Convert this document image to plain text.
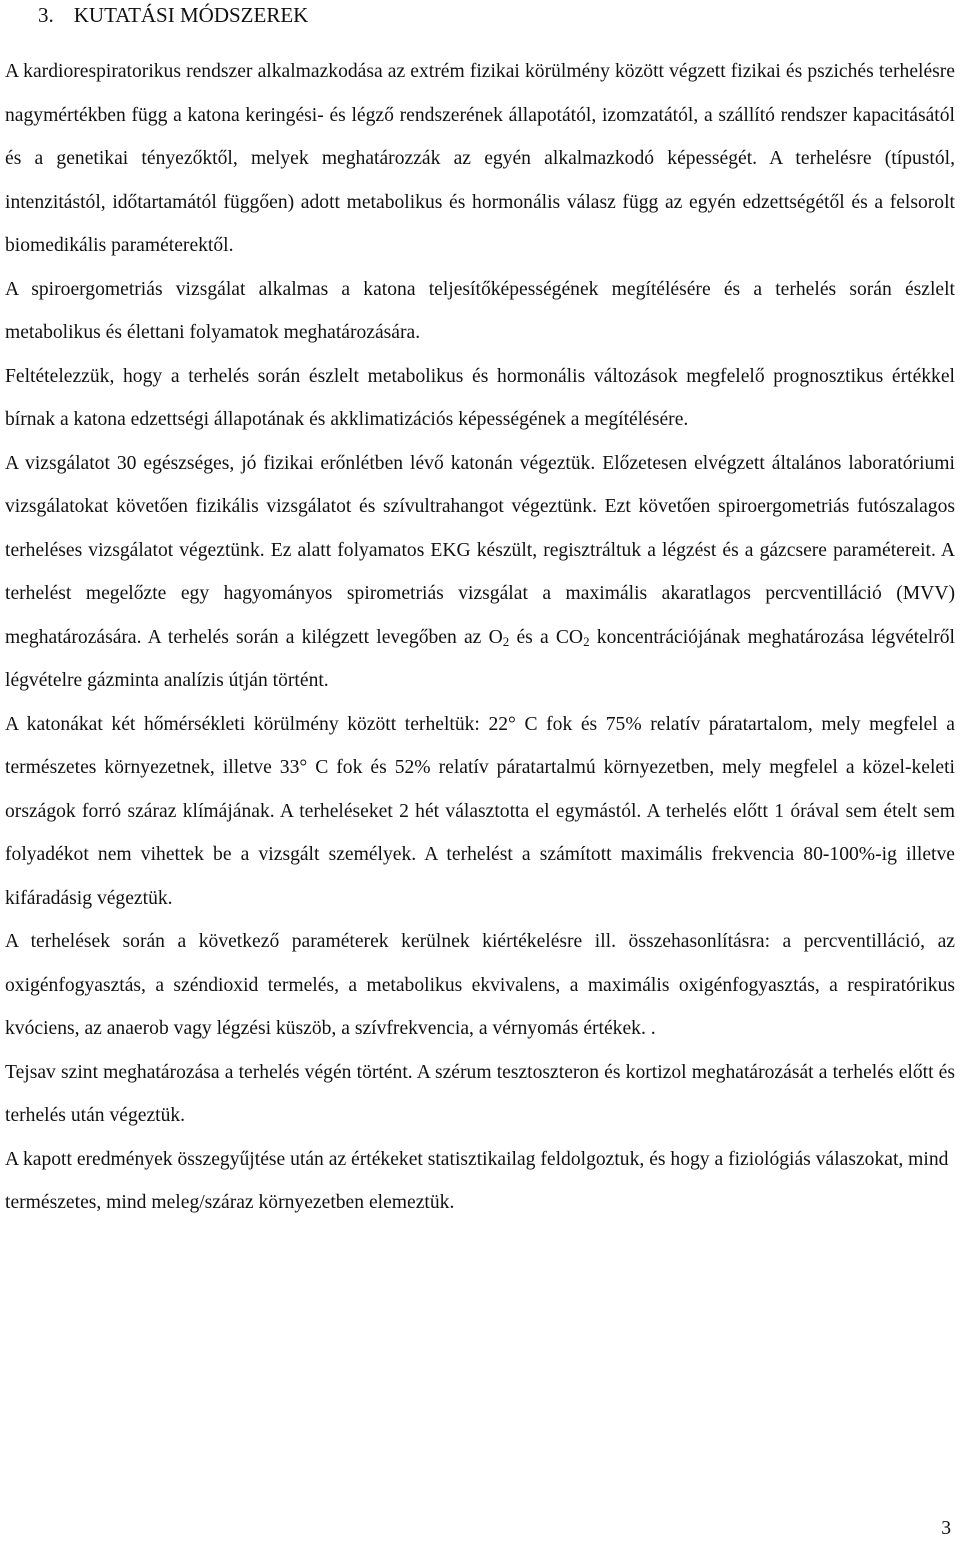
3. KUTATÁSI MÓDSZEREK

A kardiorespiratorikus rendszer alkalmazkodása az extrém fizikai körülmény között végzett fizikai és pszichés terhelésre nagymértékben függ a katona keringési- és légző rendszerének állapotától, izomzatától, a szállító rendszer kapacitásától és a genetikai tényezőktől, melyek meghatározzák az egyén alkalmazkodó képességét. A terhelésre (típustól, intenzitástól, időtartamától függően) adott metabolikus és hormonális válasz függ az egyén edzettségétől és a felsorolt biomedikális paraméterektől.

A spiroergometriás vizsgálat alkalmas a katona teljesítőképességének megítélésére és a terhelés során észlelt metabolikus és élettani folyamatok meghatározására.

Feltételezzük, hogy a terhelés során észlelt metabolikus és hormonális változások megfelelő prognosztikus értékkel bírnak a katona edzettségi állapotának és akklimatizációs képességének a megítélésére.

A vizsgálatot 30 egészséges, jó fizikai erőnlétben lévő katonán végeztük. Előzetesen elvégzett általános laboratóriumi vizsgálatokat követően fizikális vizsgálatot és szívultrahangot végeztünk. Ezt követően spiroergometriás futószalagos terheléses vizsgálatot végeztünk. Ez alatt folyamatos EKG készült, regisztráltuk a légzést és a gázcsere paramétereit. A terhelést megelőzte egy hagyományos spirometriás vizsgálat a maximális akaratlagos percventilláció (MVV) meghatározására. A terhelés során a kilégzett levegőben az $O_2$ és a $CO_2$ koncentrációjának meghatározása légvételről légvételre gázminta analízis útján történt.

A katonákat két hőmérsékleti körülmény között terheltük: 22° C fok és 75% relatív páratartalom, mely megfelel a természetes környezetnek, illetve 33° C fok és 52% relatív páratartalmú környezetben, mely megfelel a közel-keleti országok forró száraz klímájának. A terheléseket 2 hét választotta el egymástól. A terhelés előtt 1 órával sem ételt sem folyadékot nem vihettek be a vizsgált személyek. A terhelést a számított maximális frekvencia 80-100%-ig illetve kifáradásig végeztük.

A terhelések során a következő paraméterek kerülnek kiértékelésre ill. összehasonlításra: a percventilláció, az oxigénfogyasztás, a széndioxid termelés, a metabolikus ekvivalens, a maximális oxigénfogyasztás, a respiratórikus kvóciens, az anaerob vagy légzési küszöb, a szívfrekvencia, a vérnyomás értékek. .

Tejsav szint meghatározása a terhelés végén történt. A szérum tesztoszteron és kortizol meghatározását a terhelés előtt és terhelés után végeztük.

A kapott eredmények összegyűjtése után az értékeket statisztikailag feldolgoztuk, és hogy a fiziológiás válaszokat, mind természetes, mind meleg/száraz környezetben elemeztük.

3
